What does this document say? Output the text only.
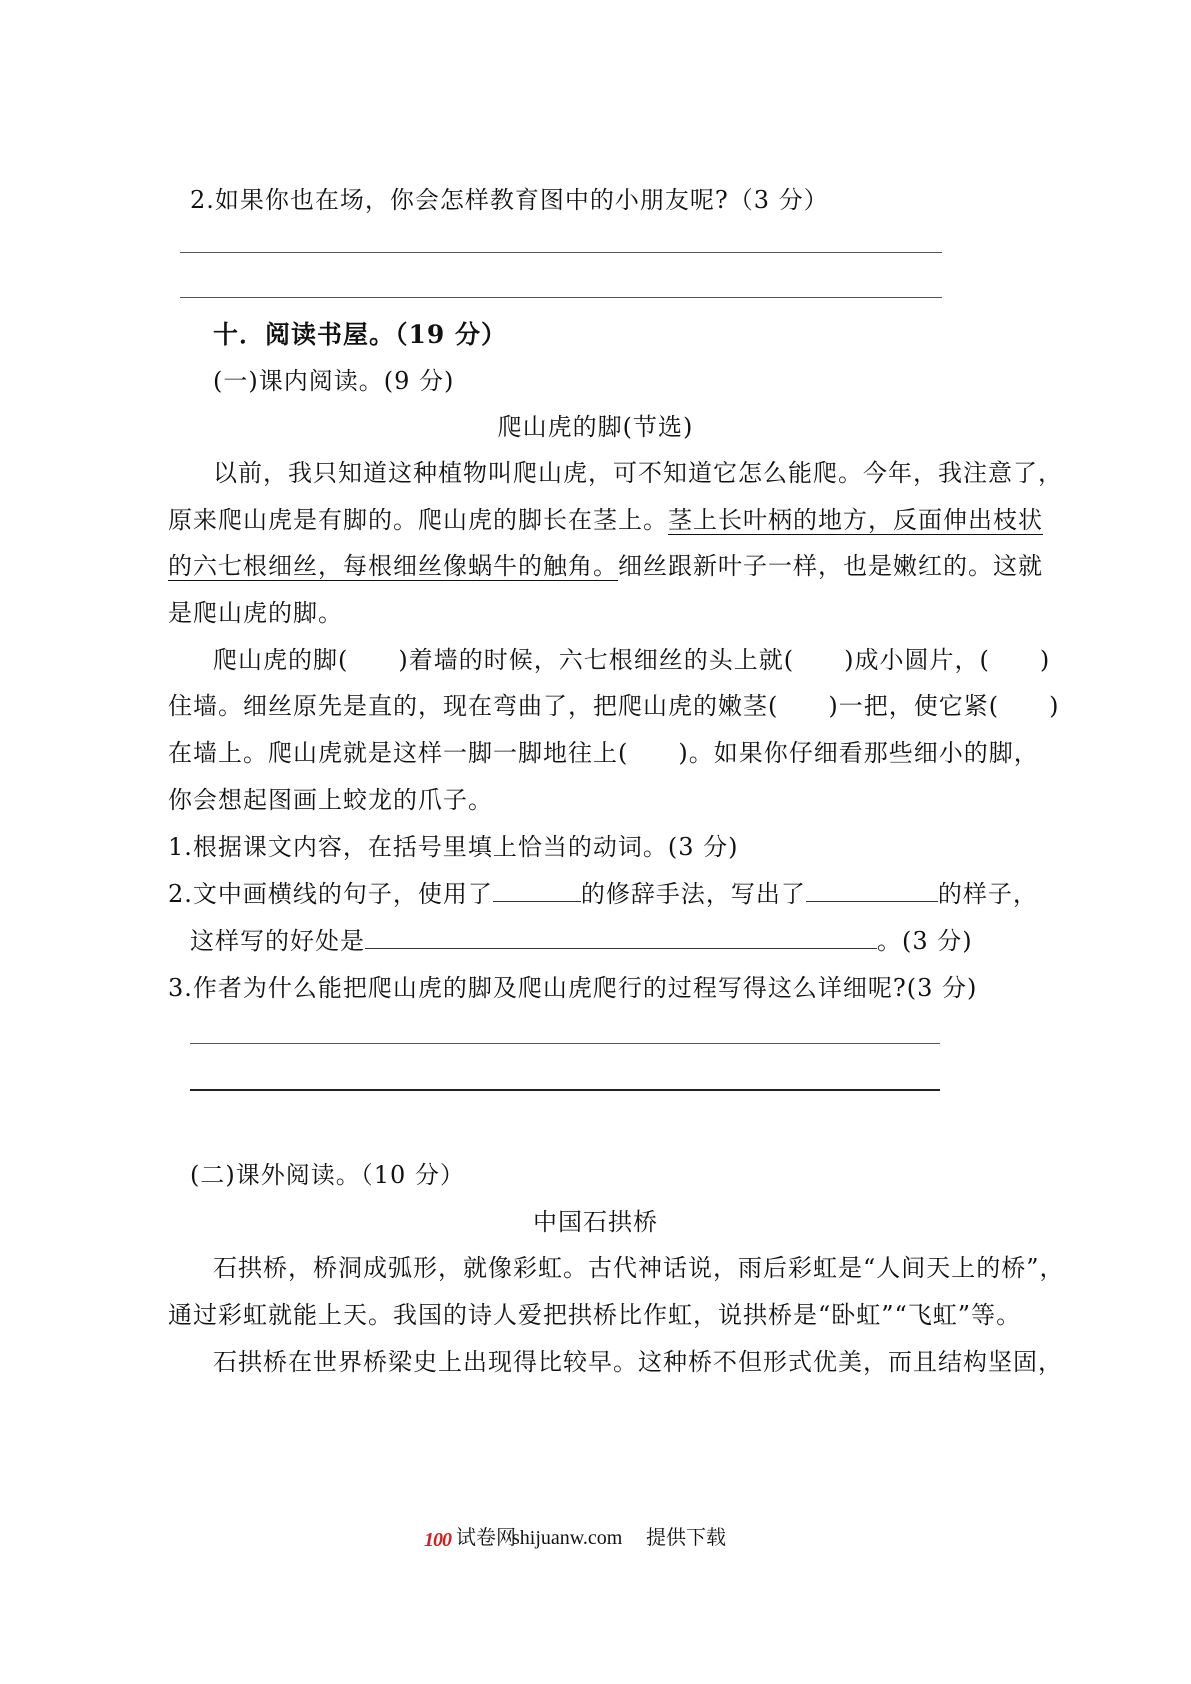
2.如果你也在场，你会怎样教育图中的小朋友呢?（3 分）
十．阅读书屋。（19 分）
(一)课内阅读。(9 分)
爬山虎的脚(节选)
以前，我只知道这种植物叫爬山虎，可不知道它怎么能爬。今年，我注意了，
原来爬山虎是有脚的。爬山虎的脚长在茎上。茎上长叶柄的地方，反面伸出枝状
的六七根细丝，每根细丝像蜗牛的触角。细丝跟新叶子一样，也是嫩红的。这就
是爬山虎的脚。
爬山虎的脚(　　)着墙的时候，六七根细丝的头上就(　　)成小圆片，(　　)
住墙。细丝原先是直的，现在弯曲了，把爬山虎的嫩茎(　　)一把，使它紧(　　)
在墙上。爬山虎就是这样一脚一脚地往上(　　)。如果你仔细看那些细小的脚，
你会想起图画上蛟龙的爪子。
1.根据课文内容，在括号里填上恰当的动词。(3 分)
2.文中画横线的句子，使用了	的修辞手法，写出了	的样子，
这样写的好处是	。(3 分)
3.作者为什么能把爬山虎的脚及爬山虎爬行的过程写得这么详细呢?(3 分)
(二)课外阅读。（10 分）
中国石拱桥
石拱桥，桥洞成弧形，就像彩虹。古代神话说，雨后彩虹是“人间天上的桥”，
通过彩虹就能上天。我国的诗人爱把拱桥比作虹，说拱桥是“卧虹”“飞虹”等。
石拱桥在世界桥梁史上出现得比较早。这种桥不但形式优美，而且结构坚固，
100 试卷网
shijuanw.com 提供下载
